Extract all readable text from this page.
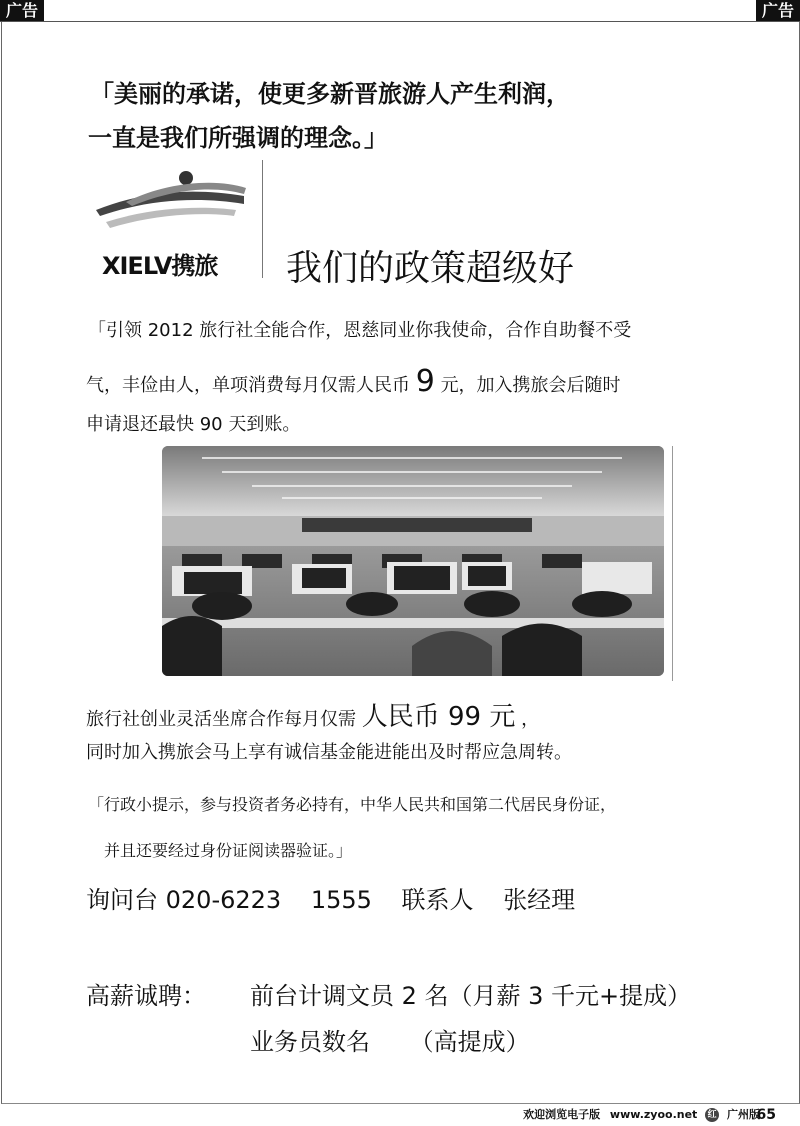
广告	广告
「美丽的承诺，使更多新晋旅游人产生利润，
一直是我们所强调的理念。」
XIELV携旅 我们的政策超级好
「引领 2012 旅行社全能合作，恩慈同业你我使命，合作自助餐不受
气，丰俭由人，单项消费每月仅需人民币 9 元，加入携旅会后随时
申请退还最快 90 天到账。
旅行社创业灵活坐席合作每月仅需 人民币 99 元 ，
同时加入携旅会马上享有诚信基金能进能出及时帮应急周转。
「行政小提示，参与投资者务必持有，中华人民共和国第二代居民身份证，
并且还要经过身份证阅读器验证。」
询问台 020-6223 1555 联系人 张经理
高薪诚聘： 前台计调文员 2 名（月薪 3 千元+提成）
业务员数名 （高提成）
欢迎浏览电子版 www.zyoo.net 红 广州版
65
